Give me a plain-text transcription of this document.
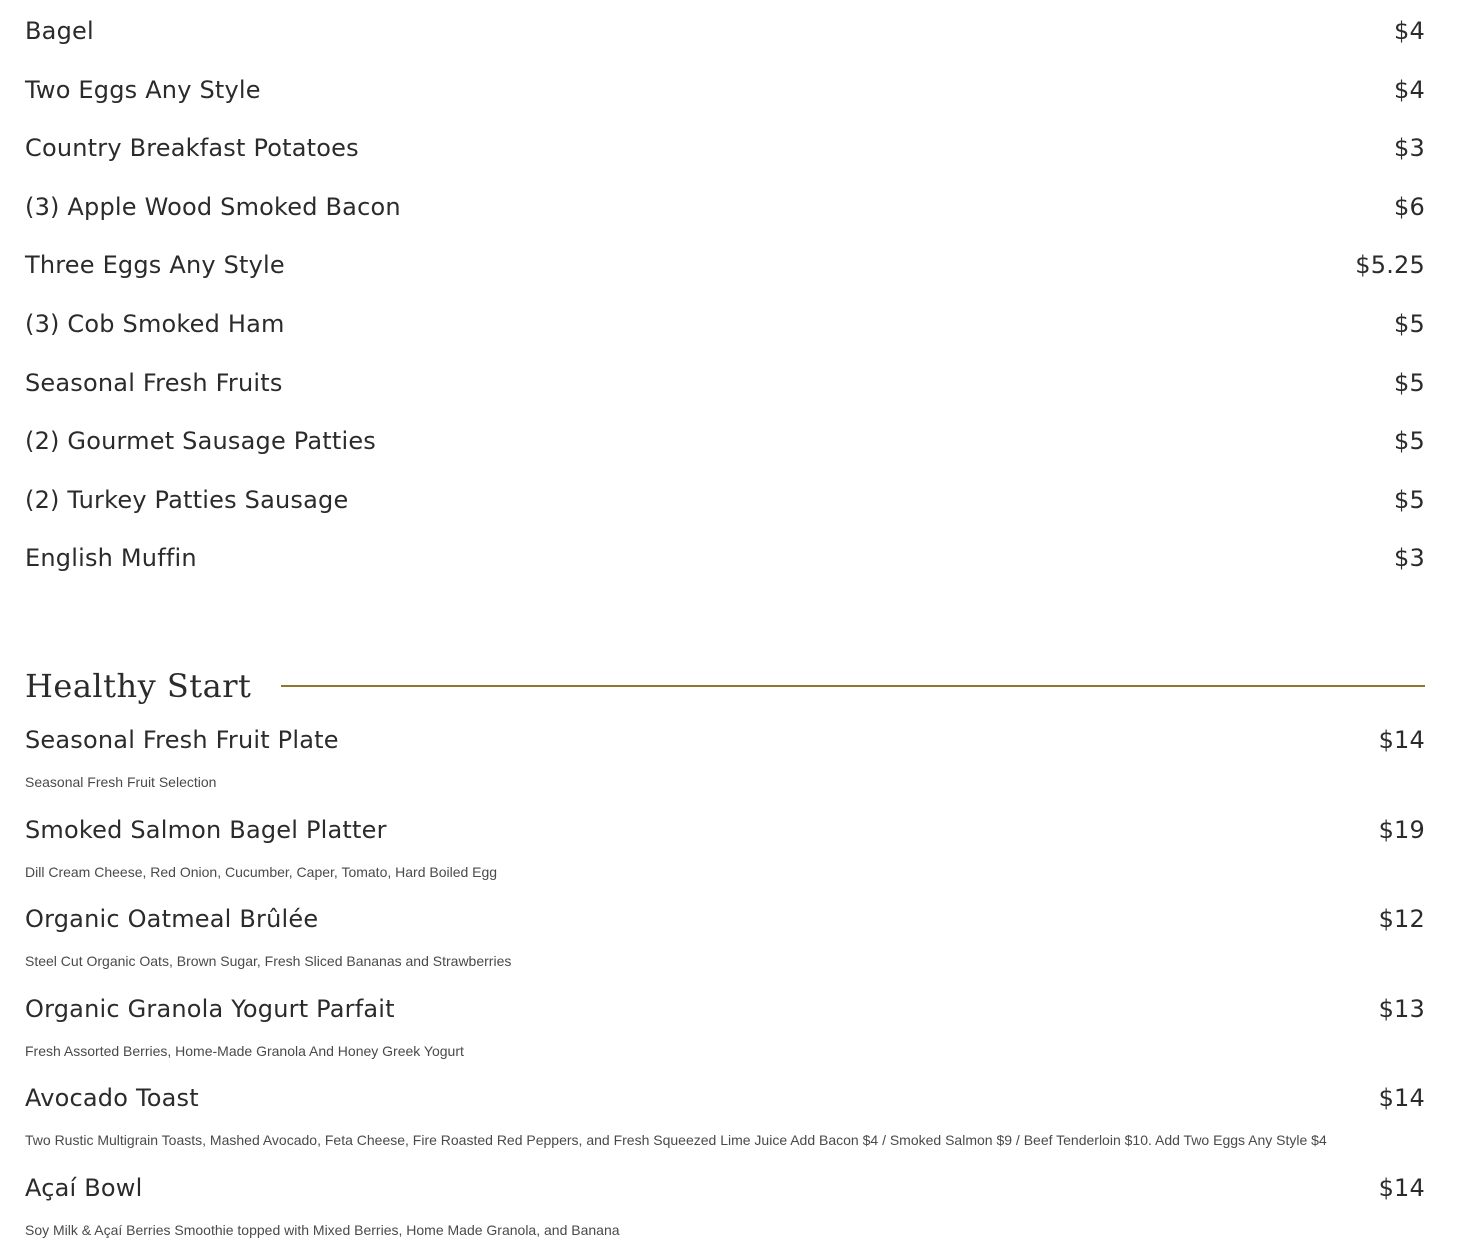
Bagel	$4
Two Eggs Any Style	$4
Country Breakfast Potatoes	$3
(3) Apple Wood Smoked Bacon	$6
Three Eggs Any Style	$5.25
(3) Cob Smoked Ham	$5
Seasonal Fresh Fruits	$5
(2) Gourmet Sausage Patties	$5
(2) Turkey Patties Sausage	$5
English Muffin	$3
Healthy Start
Seasonal Fresh Fruit Plate	$14
Seasonal Fresh Fruit Selection
Smoked Salmon Bagel Platter	$19
Dill Cream Cheese, Red Onion, Cucumber, Caper, Tomato, Hard Boiled Egg
Organic Oatmeal Brûlée	$12
Steel Cut Organic Oats, Brown Sugar, Fresh Sliced Bananas and Strawberries
Organic Granola Yogurt Parfait	$13
Fresh Assorted Berries, Home-Made Granola And Honey Greek Yogurt
Avocado Toast	$14
Two Rustic Multigrain Toasts, Mashed Avocado, Feta Cheese, Fire Roasted Red Peppers, and Fresh Squeezed Lime Juice Add Bacon $4 / Smoked Salmon $9 / Beef Tenderloin $10. Add Two Eggs Any Style $4
Açaí Bowl	$14
Soy Milk & Açaí Berries Smoothie topped with Mixed Berries, Home Made Granola, and Banana
